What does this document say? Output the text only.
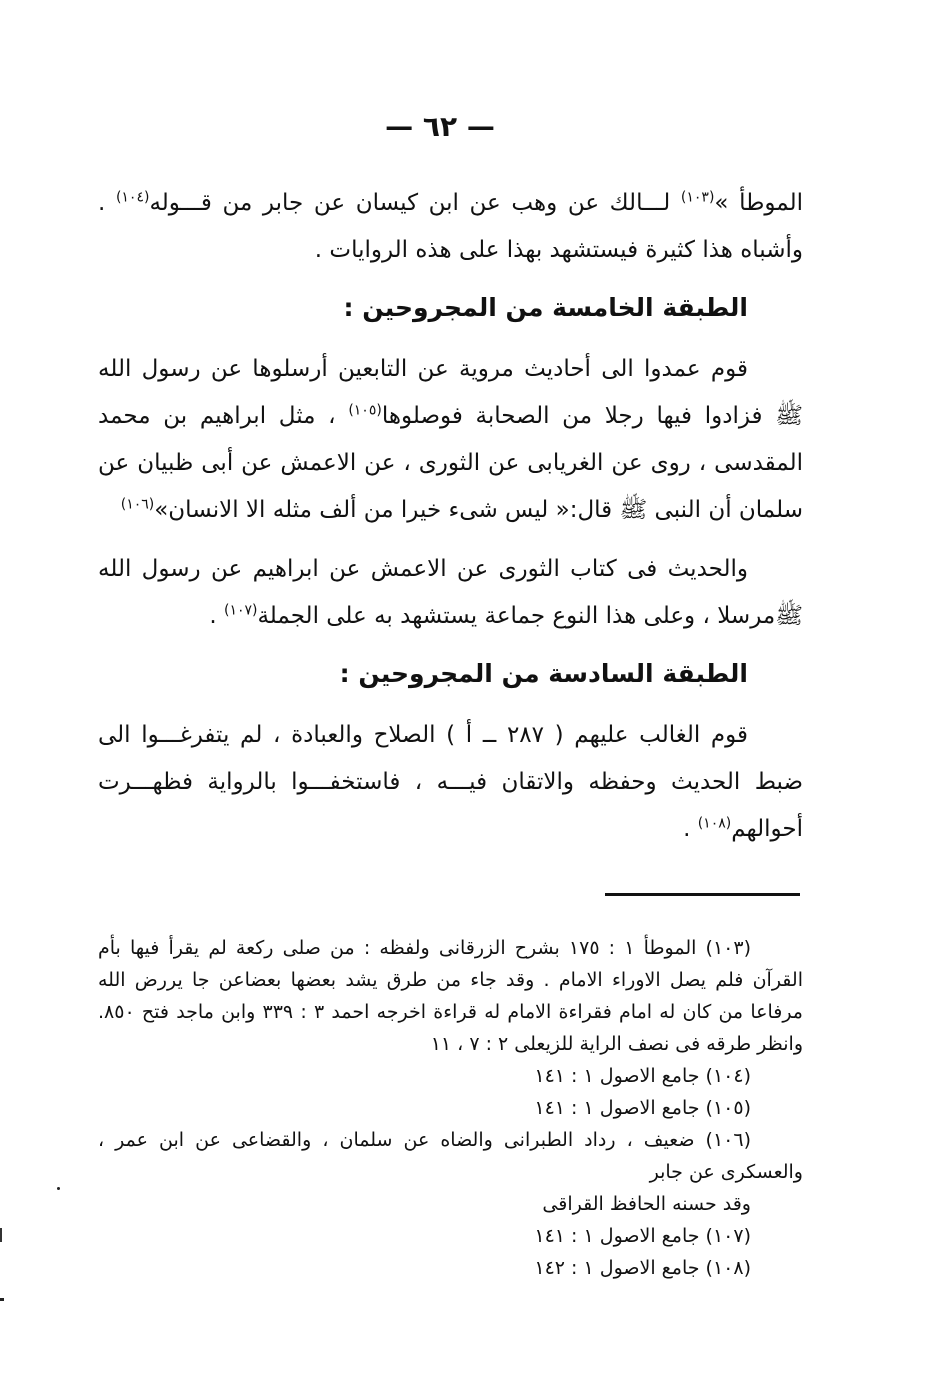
— ٦٢ —

الموطأ »$^{(١٠٣)}$ لـــالك عن وهب عن ابن كيسان عن جابر من قـــوله$^{(١٠٤)}$ . وأشباه هذا كثيرة فيستشهد بهذا على هذه الروايات .

الطبقة الخامسة من المجروحين :

قوم عمدوا الى أحاديث مروية عن التابعين أرسلوها عن رسول الله ﷺ فزادوا فيها رجلا من الصحابة فوصلوها$^{(١٠٥)}$ ، مثل ابراهيم بن محمد المقدسى ، روى عن الغريابى عن الثورى ، عن الاعمش عن أبى ظبيان عن سلمان أن النبى ﷺ قال:« ليس شىء خيرا من ألف مثله الا الانسان»$^{(١٠٦)}$

والحديث فى كتاب الثورى عن الاعمش عن ابراهيم عن رسول الله ﷺمرسلا ، وعلى هذا النوع جماعة يستشهد به على الجملة$^{(١٠٧)}$ .

الطبقة السادسة من المجروحين :

قوم الغالب عليهم ( ٢٨٧ ــ أ ) الصلاح والعبادة ، لم يتفرغـــوا الى ضبط الحديث وحفظه والاتقان فيـــه ، فاستخفـــوا بالرواية فظهـــرت أحوالهم$^{(١٠٨)}$ .

(١٠٣) الموطأ ١ : ١٧٥ بشرح الزرقانى ولفظه : من صلى ركعة لم يقرأ فيها بأم القرآن فلم يصل الاوراء الامام . وقد جاء من طرق يشد بعضها بعضاعن جا يررض الله مرفاعا من كان له امام فقراءة الامام له قراءة اخرجه احمد ٣ : ٣٣٩ وابن ماجد فتح ٨٥٠. وانظر طرقه فى نصف الراية للزيعلى ٢ : ٧ ، ١١

(١٠٤) جامع الاصول ١ : ١٤١

(١٠٥) جامع الاصول ١ : ١٤١

(١٠٦) ضعيف ، رداد الطبرانى والضاه عن سلمان ، والقضاعى عن ابن عمر ، والعسكرى عن جابر

وقد حسنه الحافظ القراقى

(١٠٧) جامع الاصول ١ : ١٤١

(١٠٨) جامع الاصول ١ : ١٤٢
